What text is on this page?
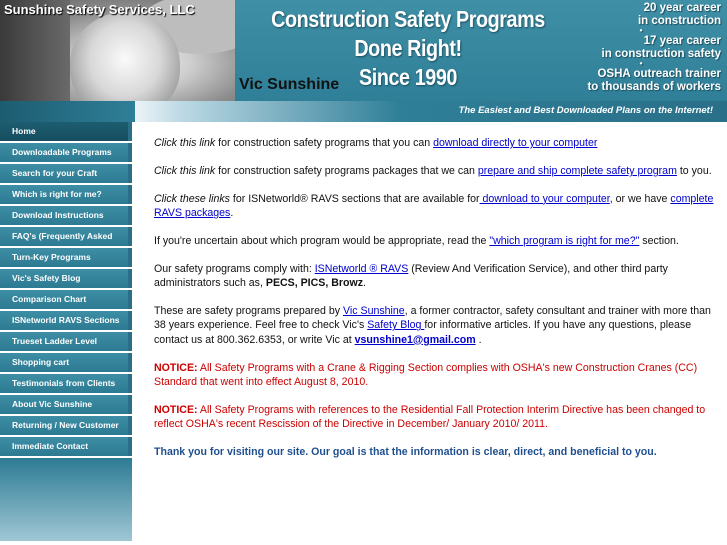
Sunshine Safety Services, LLC	Construction Safety Programs Done Right!
Since 1990
Vic Sunshine
20 year career
in construction
•
17 year career
in construction safety
•
OSHA outreach trainer
to thousands of workers
The Easiest and Best Downloaded Plans on the Internet!
Home
Downloadable Programs
Search for your Craft
Which is right for me?
Download Instructions
FAQ's (Frequently Asked
Turn-Key Programs
Vic's Safety Blog
Comparison Chart
ISNetworld RAVS Sections
Trueset Ladder Level
Shopping cart
Testimonials from Clients
About Vic Sunshine
Returning / New Customer
Immediate Contact

Click this link for construction safety programs that you can download directly to your computer

Click this link for construction safety programs packages that we can prepare and ship complete safety program to you.

Click these links for ISNetworld® RAVS sections that are available for download to your computer, or we have complete RAVS packages.

If you're uncertain about which program would be appropriate, read the "which program is right for me?" section.

Our safety programs comply with: ISNetworld ® RAVS (Review And Verification Service), and other third party administrators such as, PECS, PICS, Browz.

These are safety programs prepared by Vic Sunshine, a former contractor, safety consultant and trainer with more than 38 years experience. Feel free to check Vic's Safety Blog for informative articles. If you have any questions, please contact us at 800.362.6353, or write Vic at vsunshine1@gmail.com .

NOTICE: All Safety Programs with a Crane & Rigging Section complies with OSHA's new Construction Cranes (CC) Standard that went into effect August 8, 2010.

NOTICE: All Safety Programs with references to the Residential Fall Protection Interim Directive has been changed to reflect OSHA's recent Rescission of the Directive in December/ January 2010/ 2011.

Thank you for visiting our site. Our goal is that the information is clear, direct, and beneficial to you.
